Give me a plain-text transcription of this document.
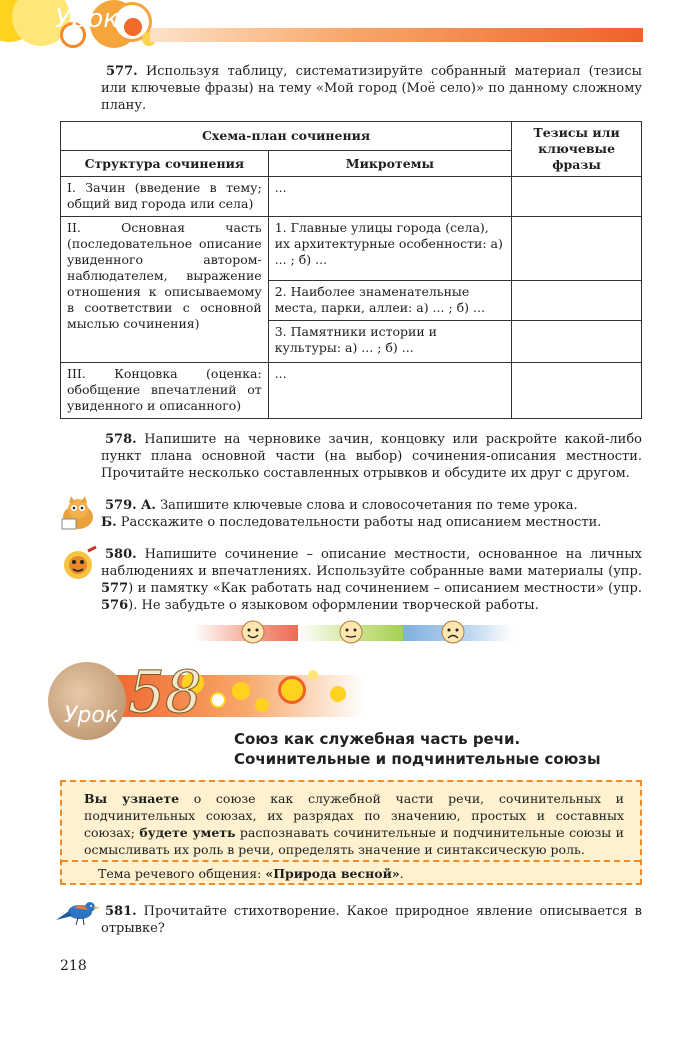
Урок
577. Используя таблицу, систематизируйте собранный материал (тезисы или ключевые фразы) на тему «Мой город (Моё село)» по данному сложному плану.
Схема-план сочинения		Тезисы или ключевые фразы
Структура сочинения	Микротемы	
I. Зачин (введение в тему; общий вид города или села)	...	
II. Основная часть (последовательное описание увиденного автором-наблюдателем, выражение отношения к описываемому в соответствии с основной мыслью сочинения)	1. Главные улицы города (села), их архитектурные особенности: а) ... ; б) ...	
	2. Наиболее знаменательные места, парки, аллеи: а) ... ; б) ...	
	3. Памятники истории и культуры: а) ... ; б) ...	
III. Концовка (оценка: обобщение впечатлений от увиденного и описанного)	...	
578. Напишите на черновике зачин, концовку или раскройте какой-либо пункт плана основной части (на выбор) сочинения-описания местности. Прочитайте несколько составленных отрывков и обсудите их друг с другом.
579. А. Запишите ключевые слова и словосочетания по теме урока.
Б. Расскажите о последовательности работы над описанием местности.
580. Напишите сочинение – описание местности, основанное на личных наблюдениях и впечатлениях. Используйте собранные вами материалы (упр. 577) и памятку «Как работать над сочинением – описанием местности» (упр. 576). Не забудьте о языковом оформлении творческой работы.
Урок 58
Союз как служебная часть речи.
Сочинительные и подчинительные союзы
Вы узнаете о союзе как служебной части речи, сочинительных и подчинительных союзах, их разрядах по значению, простых и составных союзах; будете уметь распознавать сочинительные и подчинительные союзы и осмысливать их роль в речи, определять значение и синтаксическую роль.
Тема речевого общения: «Природа весной».
581. Прочитайте стихотворение. Какое природное явление описывается в отрывке?
218
